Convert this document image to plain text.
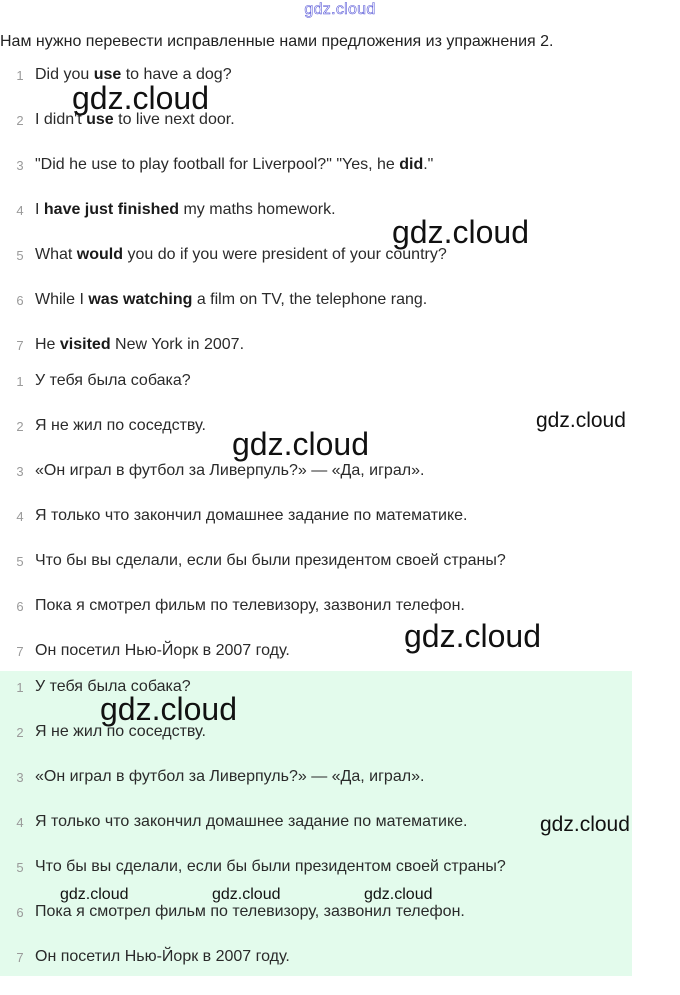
gdz.cloud
Нам нужно перевести исправленные нами предложения из упражнения 2.
1 Did you use to have a dog?
2 I didn't use to live next door.
3 "Did he use to play football for Liverpool?" "Yes, he did."
4 I have just finished my maths homework.
5 What would you do if you were president of your country?
6 While I was watching a film on TV, the telephone rang.
7 He visited New York in 2007.
1 У тебя была собака?
2 Я не жил по соседству.
3 «Он играл в футбол за Ливерпуль?» — «Да, играл».
4 Я только что закончил домашнее задание по математике.
5 Что бы вы сделали, если бы были президентом своей страны?
6 Пока я смотрел фильм по телевизору, зазвонил телефон.
7 Он посетил Нью-Йорк в 2007 году.
1 У тебя была собака?
2 Я не жил по соседству.
3 «Он играл в футбол за Ливерпуль?» — «Да, играл».
4 Я только что закончил домашнее задание по математике.
5 Что бы вы сделали, если бы были президентом своей страны?
6 Пока я смотрел фильм по телевизору, зазвонил телефон.
7 Он посетил Нью-Йорк в 2007 году.
gdz.cloud
gdz.cloud
gdz.cloud
gdz.cloud
gdz.cloud
gdz.cloud
gdz.cloud
gdz.cloud	gdz.cloud	gdz.cloud
